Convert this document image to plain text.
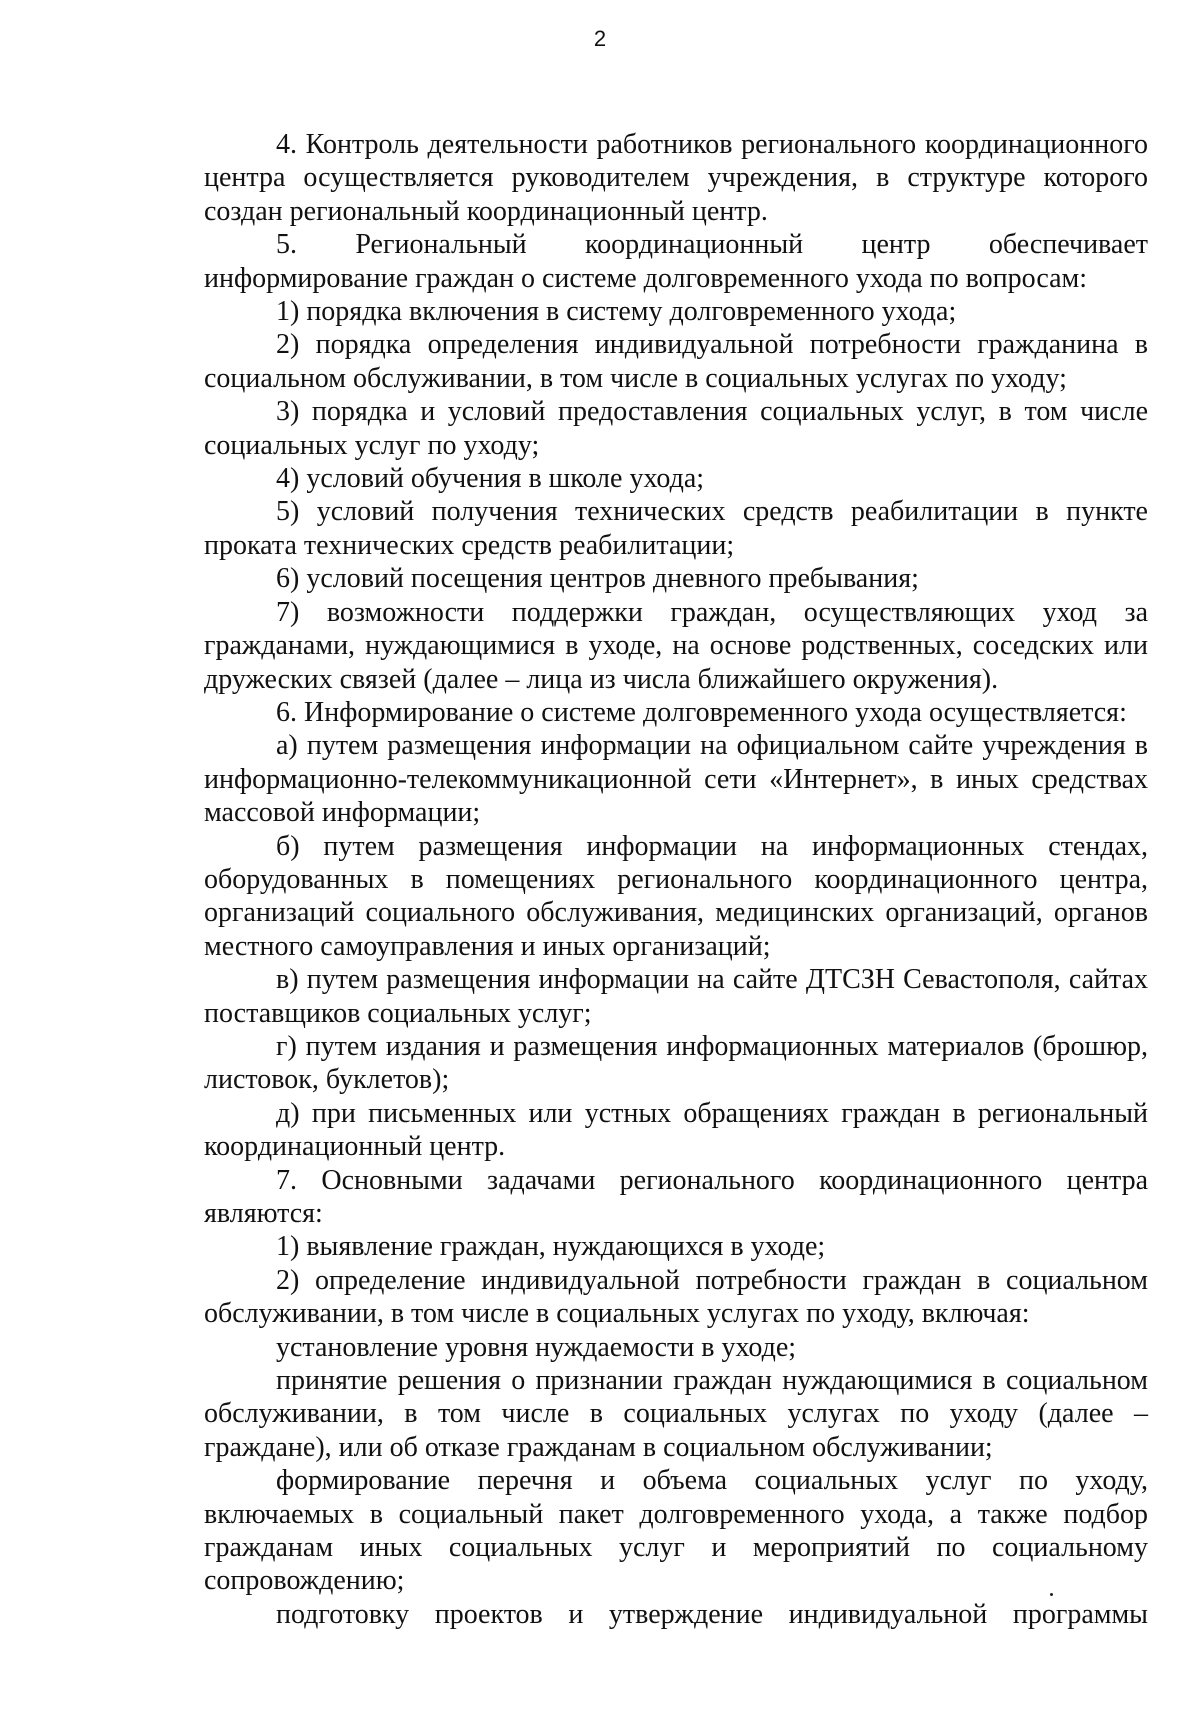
2

4. Контроль деятельности работников регионального координационного центра осуществляется руководителем учреждения, в структуре которого создан региональный координационный центр.

5. Региональный координационный центр обеспечивает информирование граждан о системе долговременного ухода по вопросам:

1) порядка включения в систему долговременного ухода;

2) порядка определения индивидуальной потребности гражданина в социальном обслуживании, в том числе в социальных услугах по уходу;

3) порядка и условий предоставления социальных услуг, в том числе социальных услуг по уходу;

4) условий обучения в школе ухода;

5) условий получения технических средств реабилитации в пункте проката технических средств реабилитации;

6) условий посещения центров дневного пребывания;

7) возможности поддержки граждан, осуществляющих уход за гражданами, нуждающимися в уходе, на основе родственных, соседских или дружеских связей (далее – лица из числа ближайшего окружения).

6. Информирование о системе долговременного ухода осуществляется:

а) путем размещения информации на официальном сайте учреждения в информационно-телекоммуникационной сети «Интернет», в иных средствах массовой информации;

б) путем размещения информации на информационных стендах, оборудованных в помещениях регионального координационного центра, организаций социального обслуживания, медицинских организаций, органов местного самоуправления и иных организаций;

в) путем размещения информации на сайте ДТСЗН Севастополя, сайтах поставщиков социальных услуг;

г) путем издания и размещения информационных материалов (брошюр, листовок, буклетов);

д) при письменных или устных обращениях граждан в региональный координационный центр.

7. Основными задачами регионального координационного центра являются:

1) выявление граждан, нуждающихся в уходе;

2) определение индивидуальной потребности граждан в социальном обслуживании, в том числе в социальных услугах по уходу, включая:

установление уровня нуждаемости в уходе;

принятие решения о признании граждан нуждающимися в социальном обслуживании, в том числе в социальных услугах по уходу (далее – граждане), или об отказе гражданам в социальном обслуживании;

формирование перечня и объема социальных услуг по уходу, включаемых в социальный пакет долговременного ухода, а также подбор гражданам иных социальных услуг и мероприятий по социальному сопровождению;

подготовку проектов и утверждение индивидуальной программы
